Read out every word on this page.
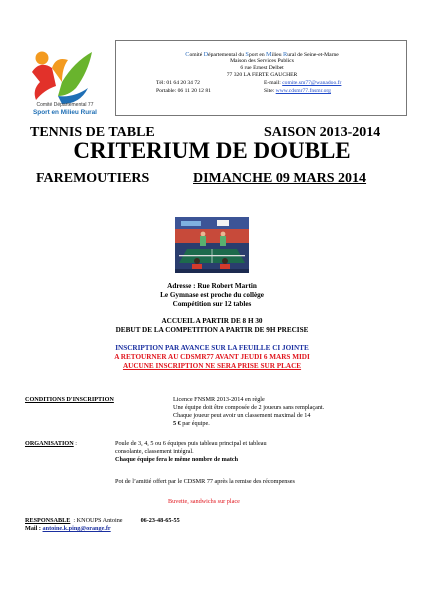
Comité Départemental 77
Sport en Milieu Rural
Comité Départemental du Sport en Milieu Rural de Seine-et-Marne
Maison des Services Publics
6 rue Ernest Delbet
77 320 LA FERTE GAUCHER
Tél: 01 64 20 34 72	E-mail: comite.sm77@wanadoo.fr
Portable: 06 11 20 12 81	Site: www.cdsmr77.fnsmr.org
TENNIS DE TABLE	SAISON 2013-2014
CRITERIUM DE DOUBLE
FAREMOUTIERS	DIMANCHE 09 MARS 2014
Adresse : Rue Robert Martin
Le Gymnase est proche du collège
Compétition sur 12 tables
ACCUEIL A PARTIR DE 8 H 30
DEBUT DE LA COMPETITION A PARTIR DE 9H PRECISE
INSCRIPTION PAR AVANCE SUR LA FEUILLE CI JOINTE
A RETOURNER AU CDSMR77 AVANT JEUDI 6 MARS MIDI
AUCUNE INSCRIPTION NE SERA PRISE SUR PLACE
CONDITIONS D'INSCRIPTION	Licence FNSMR 2013-2014 en règle
Une équipe doit être composée de 2 joueurs sans remplaçant.
Chaque joueur peut avoir un classement maximal de 14
5 € par équipe.
ORGANISATION :	Poule de 3, 4, 5 ou 6 équipes puis tableau principal et tableau
consolante, classement intégral.
Chaque équipe fera le même nombre de match
Pot de l’amitié offert par le CDSMR 77 après la remise des récompenses
Buvette, sandwichs sur place
RESPONSABLE : KNOUPS Antoine	06-23-48-65-55
Mail : antoine.k.ping@orange.fr
